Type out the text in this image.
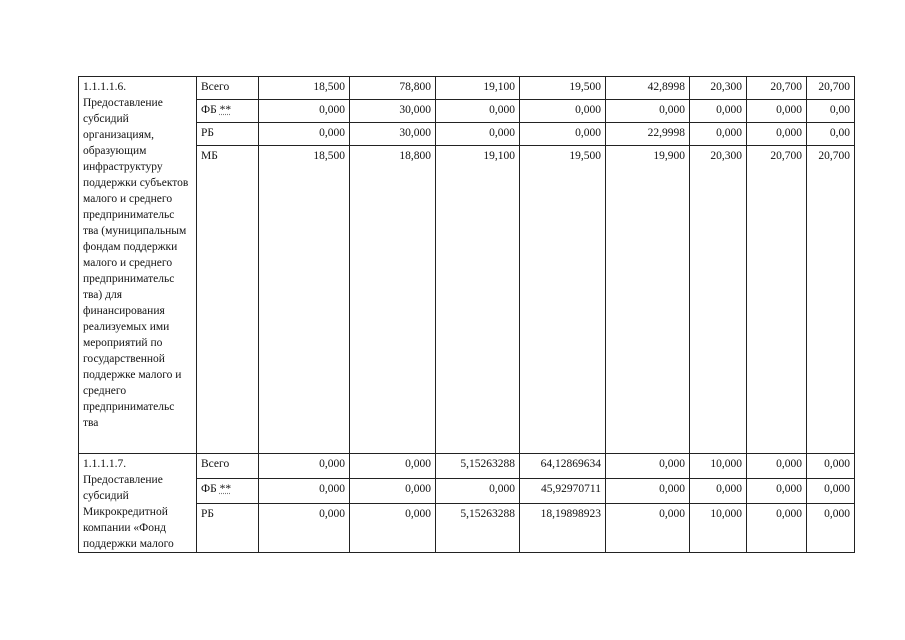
1.1.1.1.6. Предоставление субсидий организациям, образующим инфраструктуру поддержки субъектов малого и среднего предпринимательс тва (муниципальным фондам поддержки малого и среднего предпринимательс тва) для финансирования реализуемых ими мероприятий по государственной поддержке малого и среднего предпринимательс тва	Всего	18,500	78,800	19,100	19,500	42,8998	20,300	20,700	20,700
	ФБ **	0,000	30,000	0,000	0,000	0,000	0,000	0,000	0,00
	РБ	0,000	30,000	0,000	0,000	22,9998	0,000	0,000	0,00
	МБ	18,500	18,800	19,100	19,500	19,900	20,300	20,700	20,700
1.1.1.1.7. Предоставление субсидий Микрокредитной компании «Фонд поддержки малого	Всего	0,000	0,000	5,15263288	64,12869634	0,000	10,000	0,000	0,000
	ФБ **	0,000	0,000	0,000	45,92970711	0,000	0,000	0,000	0,000
	РБ	0,000	0,000	5,15263288	18,19898923	0,000	10,000	0,000	0,000
